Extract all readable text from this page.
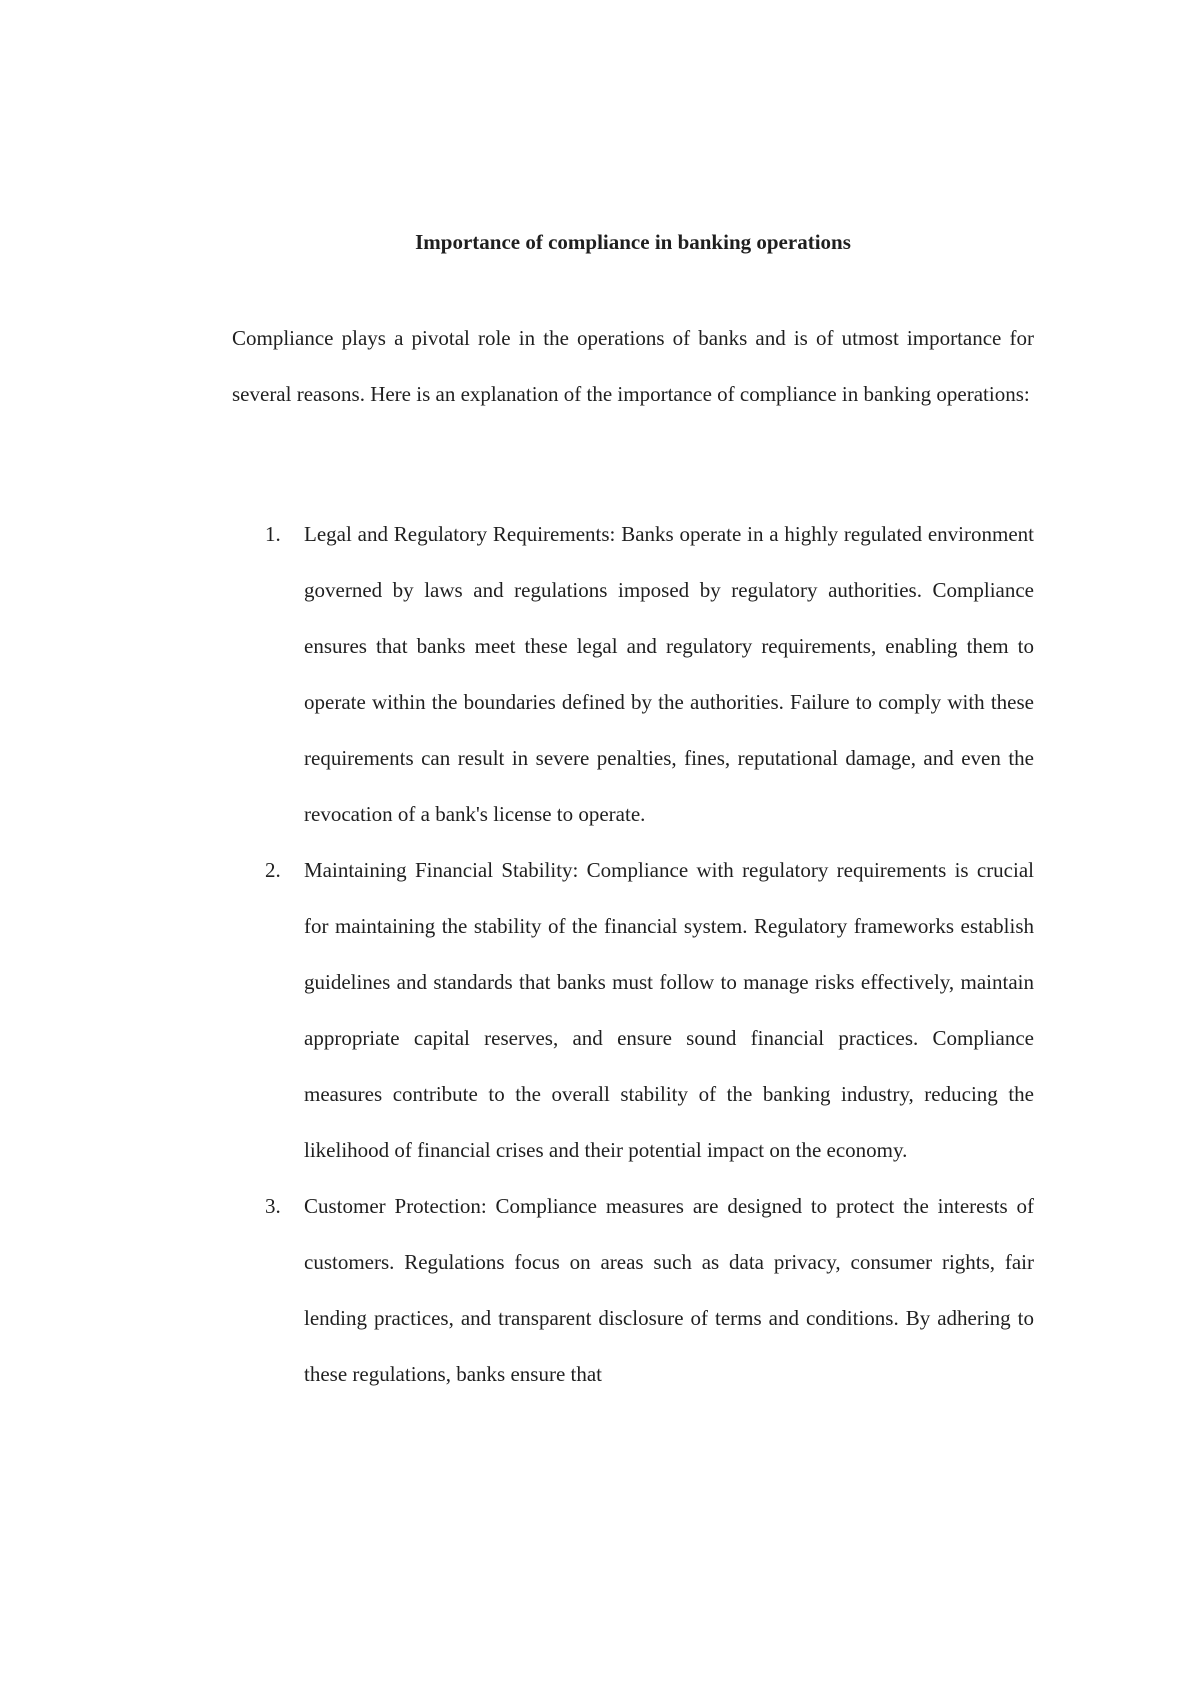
Importance of compliance in banking operations

Compliance plays a pivotal role in the operations of banks and is of utmost importance for several reasons. Here is an explanation of the importance of compliance in banking operations:

1. Legal and Regulatory Requirements: Banks operate in a highly regulated environment governed by laws and regulations imposed by regulatory authorities. Compliance ensures that banks meet these legal and regulatory requirements, enabling them to operate within the boundaries defined by the authorities. Failure to comply with these requirements can result in severe penalties, fines, reputational damage, and even the revocation of a bank's license to operate.
2. Maintaining Financial Stability: Compliance with regulatory requirements is crucial for maintaining the stability of the financial system. Regulatory frameworks establish guidelines and standards that banks must follow to manage risks effectively, maintain appropriate capital reserves, and ensure sound financial practices. Compliance measures contribute to the overall stability of the banking industry, reducing the likelihood of financial crises and their potential impact on the economy.
3. Customer Protection: Compliance measures are designed to protect the interests of customers. Regulations focus on areas such as data privacy, consumer rights, fair lending practices, and transparent disclosure of terms and conditions. By adhering to these regulations, banks ensure that
